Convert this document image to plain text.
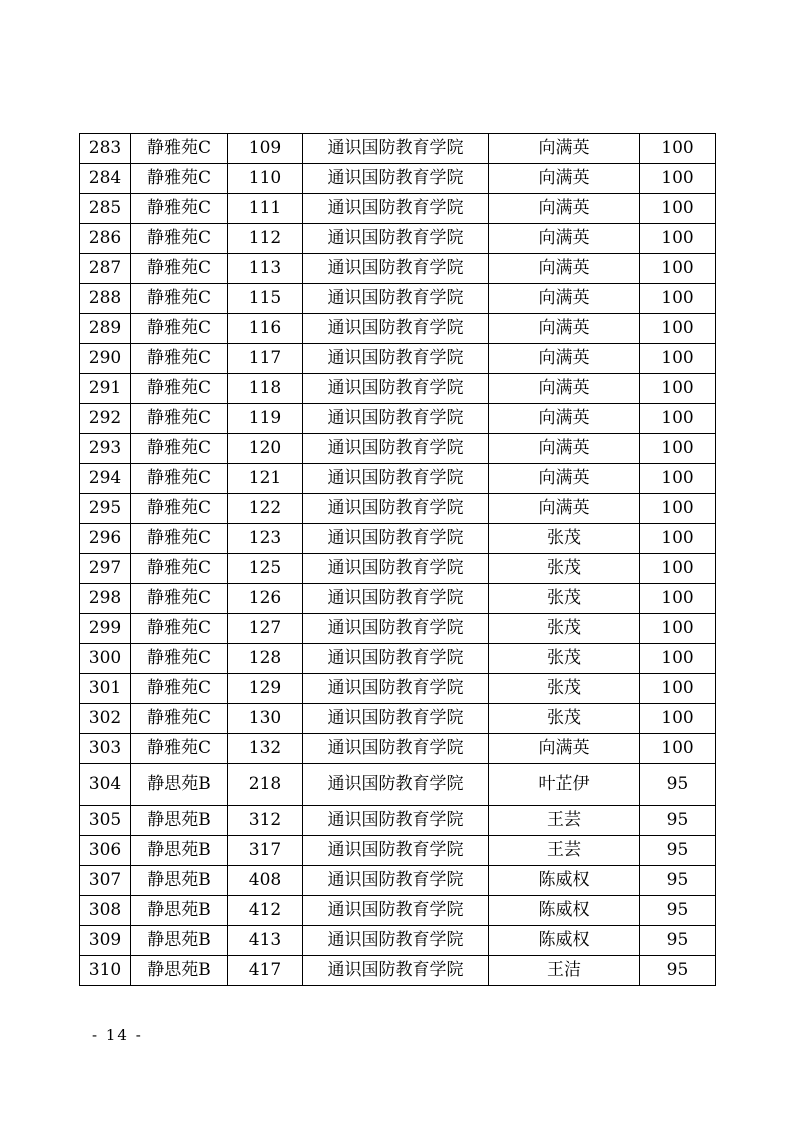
283	静雅苑C	109	通识国防教育学院	向满英	100
284	静雅苑C	110	通识国防教育学院	向满英	100
285	静雅苑C	111	通识国防教育学院	向满英	100
286	静雅苑C	112	通识国防教育学院	向满英	100
287	静雅苑C	113	通识国防教育学院	向满英	100
288	静雅苑C	115	通识国防教育学院	向满英	100
289	静雅苑C	116	通识国防教育学院	向满英	100
290	静雅苑C	117	通识国防教育学院	向满英	100
291	静雅苑C	118	通识国防教育学院	向满英	100
292	静雅苑C	119	通识国防教育学院	向满英	100
293	静雅苑C	120	通识国防教育学院	向满英	100
294	静雅苑C	121	通识国防教育学院	向满英	100
295	静雅苑C	122	通识国防教育学院	向满英	100
296	静雅苑C	123	通识国防教育学院	张茂	100
297	静雅苑C	125	通识国防教育学院	张茂	100
298	静雅苑C	126	通识国防教育学院	张茂	100
299	静雅苑C	127	通识国防教育学院	张茂	100
300	静雅苑C	128	通识国防教育学院	张茂	100
301	静雅苑C	129	通识国防教育学院	张茂	100
302	静雅苑C	130	通识国防教育学院	张茂	100
303	静雅苑C	132	通识国防教育学院	向满英	100
304	静思苑B	218	通识国防教育学院	叶芷伊	95
305	静思苑B	312	通识国防教育学院	王芸	95
306	静思苑B	317	通识国防教育学院	王芸	95
307	静思苑B	408	通识国防教育学院	陈威权	95
308	静思苑B	412	通识国防教育学院	陈威权	95
309	静思苑B	413	通识国防教育学院	陈威权	95
310	静思苑B	417	通识国防教育学院	王洁	95
- 14 -
